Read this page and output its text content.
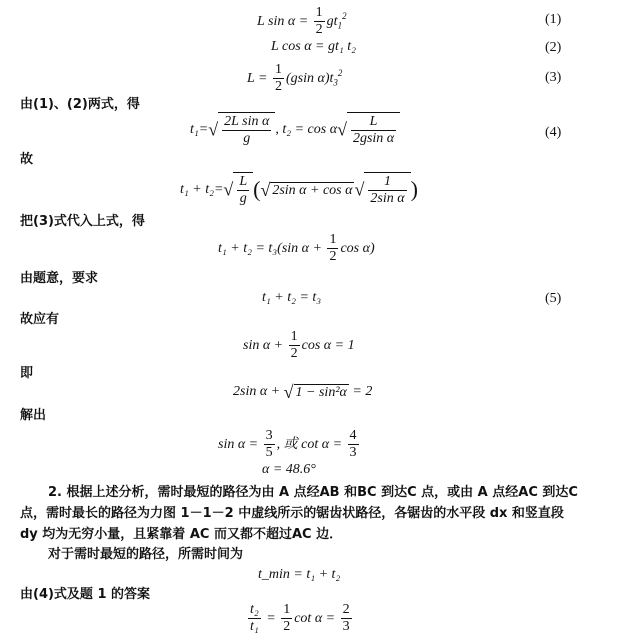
L $\sin \alpha = \frac{1}{2} gt_1^2$	(1)
L cos α = gt₁ t₂	(2)
$L = \frac{1}{2} (gsin$ $\alpha)t_3^2$	(3)
由(1)、(2)两式，得
$t_1=√ \frac{\text{2L sin α}}{g}$ , $t_2 = \cos \alpha√ \frac{L}{\text{2gsin α}}$	(4)
故
$t_1 + t_2=√ \frac{L}{g}$ (√ 2sin α + cos α √ $\frac{1}{\text{2sin α}}$ )
把(3)式代入上式，得
t₁ + t₂ = t₃(sin $\alpha + \frac{1}{2}$ cos α)
由题意，要求
t₁ + t₂ = t₃	(5)
故应有
$\sin \alpha + \frac{1}{2}$ cos α = 1
即
2sin α + √ 1 − sin²α = 2
解出
$\sin \alpha = \frac{3}{5}$ , 或 $\cot \alpha = \frac{4}{3}$
α = 48.6°
2. 根据上述分析，需时最短的路径为由 A 点经AB 和BC 到达C 点，或由 A 点经AC 到达C
点，需时最长的路径为力图 1－1－2 中虚线所示的锯齿状路径，各锯齿的水平段 dx 和竖直段
dy 均为无穷小量，且紧靠着 AC 而又都不超过AC 边．
对于需时最短的路径，所需时间为
t_min = t₁ + t₂
由(4)式及题 1 的答案
$\frac{\text{t₂}}{\text{t₁}} = \frac{1}{2}$ $\cot \alpha = \frac{2}{3}$
